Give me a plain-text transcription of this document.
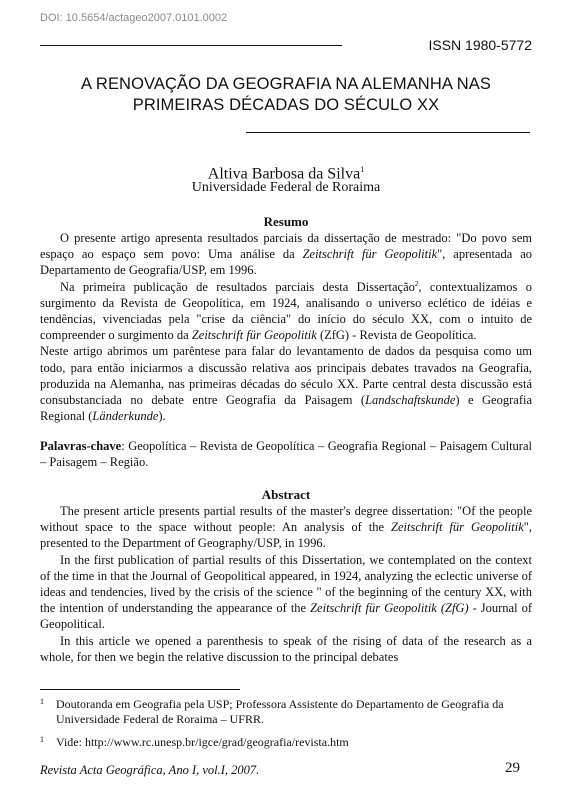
DOI: 10.5654/actageo2007.0101.0002
ISSN 1980-5772
A RENOVAÇÃO DA GEOGRAFIA NA ALEMANHA NAS
PRIMEIRAS DÉCADAS DO SÉCULO XX
Altiva Barbosa da Silva$^1$
Universidade Federal de Roraima
Resumo

O presente artigo apresenta resultados parciais da dissertação de mestrado: "Do povo sem espaço ao espaço sem povo: Uma análise da Zeitschrift für Geopolitik", apresentada ao Departamento de Geografia/USP, em 1996.

Na primeira publicação de resultados parciais desta Dissertação$^2$, contextualizamos o surgimento da Revista de Geopolítica, em 1924, analisando o universo eclético de idéias e tendências, vivenciadas pela "crise da ciência" do início do século XX, com o intuito de compreender o surgimento da Zeitschrift für Geopolitik (ZfG) - Revista de Geopolítica.

Neste artigo abrimos um parêntese para falar do levantamento de dados da pesquisa como um todo, para então iniciarmos a discussão relativa aos principais debates travados na Geografia, produzida na Alemanha, nas primeiras décadas do século XX. Parte central desta discussão está consubstanciada no debate entre Geografia da Paisagem (Landschaftskunde) e Geografia Regional (Länderkunde).

Palavras-chave: Geopolítica – Revista de Geopolítica – Geografia Regional – Paisagem Cultural – Paisagem – Região.

Abstract

The present article presents partial results of the master's degree dissertation: "Of the people without space to the space without people: An analysis of the Zeitschrift für Geopolitik", presented to the Department of Geography/USP, in 1996.

In the first publication of partial results of this Dissertation, we contemplated on the context of the time in that the Journal of Geopolitical appeared, in 1924, analyzing the eclectic universe of ideas and tendencies, lived by the crisis of the science " of the beginning of the century XX, with the intention of understanding the appearance of the Zeitschrift für Geopolitik (ZfG) - Journal of Geopolitical.

In this article we opened a parenthesis to speak of the rising of data of the research as a whole, for then we begin the relative discussion to the principal debates

1	Doutoranda em Geografia pela USP; Professora Assistente do Departamento de Geografia da Universidade Federal de Roraima – UFRR.
1	Vide: http://www.rc.unesp.br/igce/grad/geografia/revista.htm
Revista Acta Geográfica, Ano I, vol.I, 2007.	29
